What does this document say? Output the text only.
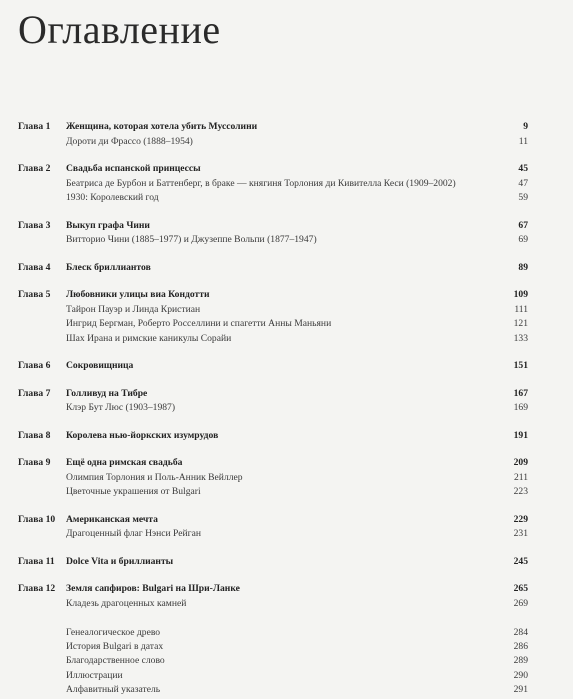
Оглавление
Глава 1	Женщина, которая хотела убить Муссолини	9
Дороти ди Фрассо (1888–1954)	11
Глава 2	Свадьба испанской принцессы	45
Беатриса де Бурбон и Баттенберг, в браке — княгиня Торлония ди Кивителла Кеси (1909–2002)	47
1930: Королевский год	59
Глава 3	Выкуп графа Чини	67
Витторио Чини (1885–1977) и Джузеппе Вольпи (1877–1947)	69
Глава 4	Блеск бриллиантов	89
Глава 5	Любовники улицы виа Кондотти	109
Тайрон Пауэр и Линда Кристиан	111
Ингрид Бергман, Роберто Росселлини и спагетти Анны Маньяни	121
Шах Ирана и римские каникулы Сорайи	133
Глава 6	Сокровищница	151
Глава 7	Голливуд на Тибре	167
Клэр Бут Люс (1903–1987)	169
Глава 8	Королева нью-йоркских изумрудов	191
Глава 9	Ещё одна римская свадьба	209
Олимпия Торлония и Поль-Анник Вейллер	211
Цветочные украшения от Bulgari	223
Глава 10	Американская мечта	229
Драгоценный флаг Нэнси Рейган	231
Глава 11	Dolce Vita и бриллианты	245
Глава 12	Земля сапфиров: Bulgari на Шри-Ланке	265
Кладезь драгоценных камней	269
Генеалогическое древо	284
История Bulgari в датах	286
Благодарственное слово	289
Иллюстрации	290
Алфавитный указатель	291
